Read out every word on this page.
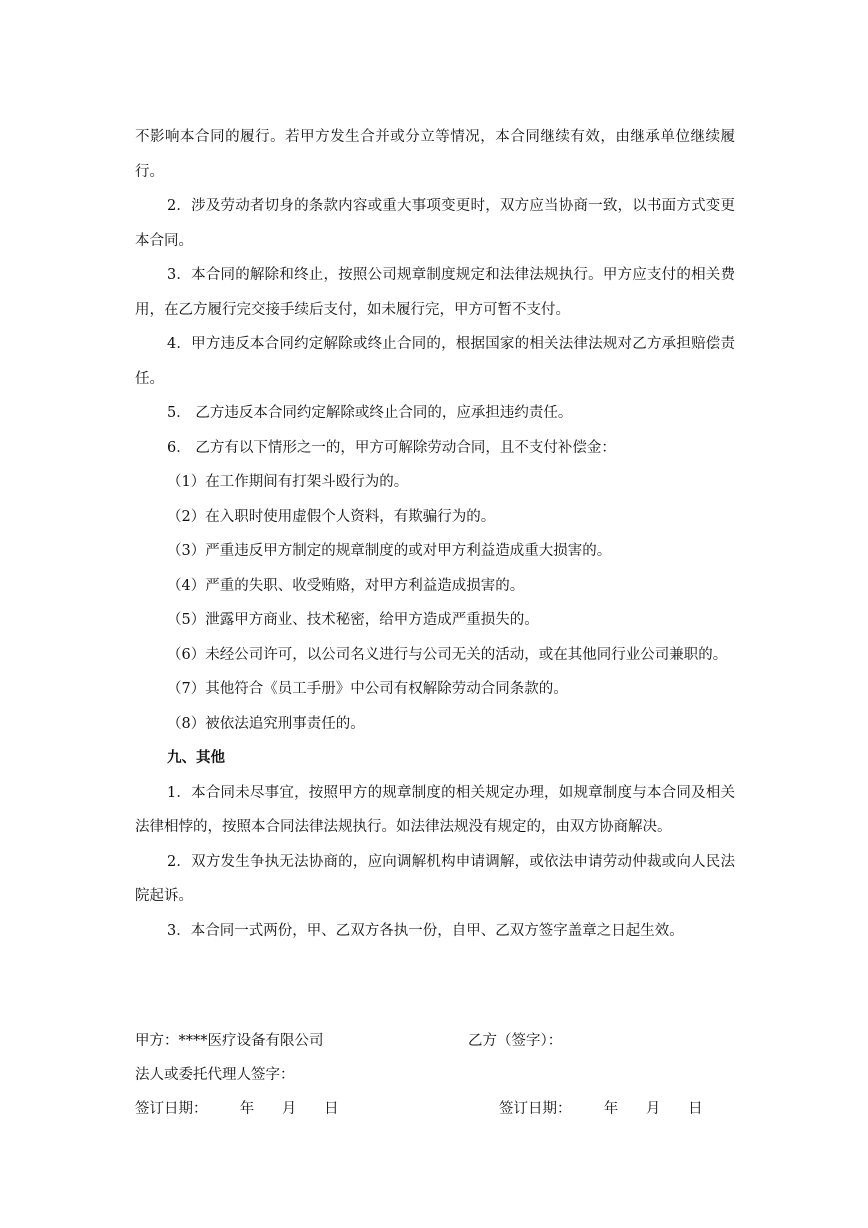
不影响本合同的履行。若甲方发生合并或分立等情况，本合同继续有效，由继承单位继续履行。

2．涉及劳动者切身的条款内容或重大事项变更时，双方应当协商一致，以书面方式变更本合同。

3．本合同的解除和终止，按照公司规章制度规定和法律法规执行。甲方应支付的相关费用，在乙方履行完交接手续后支付，如未履行完，甲方可暂不支付。

4．甲方违反本合同约定解除或终止合同的，根据国家的相关法律法规对乙方承担赔偿责任。

5． 乙方违反本合同约定解除或终止合同的，应承担违约责任。

6． 乙方有以下情形之一的，甲方可解除劳动合同，且不支付补偿金：

（1）在工作期间有打架斗殴行为的。

（2）在入职时使用虚假个人资料，有欺骗行为的。

（3）严重违反甲方制定的规章制度的或对甲方利益造成重大损害的。

（4）严重的失职、收受贿赂，对甲方利益造成损害的。

（5）泄露甲方商业、技术秘密，给甲方造成严重损失的。

（6）未经公司许可，以公司名义进行与公司无关的活动，或在其他同行业公司兼职的。

（7）其他符合《员工手册》中公司有权解除劳动合同条款的。

（8）被依法追究刑事责任的。

九、其他

1．本合同未尽事宜，按照甲方的规章制度的相关规定办理，如规章制度与本合同及相关法律相悖的，按照本合同法律法规执行。如法律法规没有规定的，由双方协商解决。

2．双方发生争执无法协商的，应向调解机构申请调解，或依法申请劳动仲裁或向人民法院起诉。

3．本合同一式两份，甲、乙双方各执一份，自甲、乙双方签字盖章之日起生效。

甲方：****医疗设备有限公司	乙方（签字）：
法人或委托代理人签字：
签订日期：       年      月      日	签订日期：       年      月      日
